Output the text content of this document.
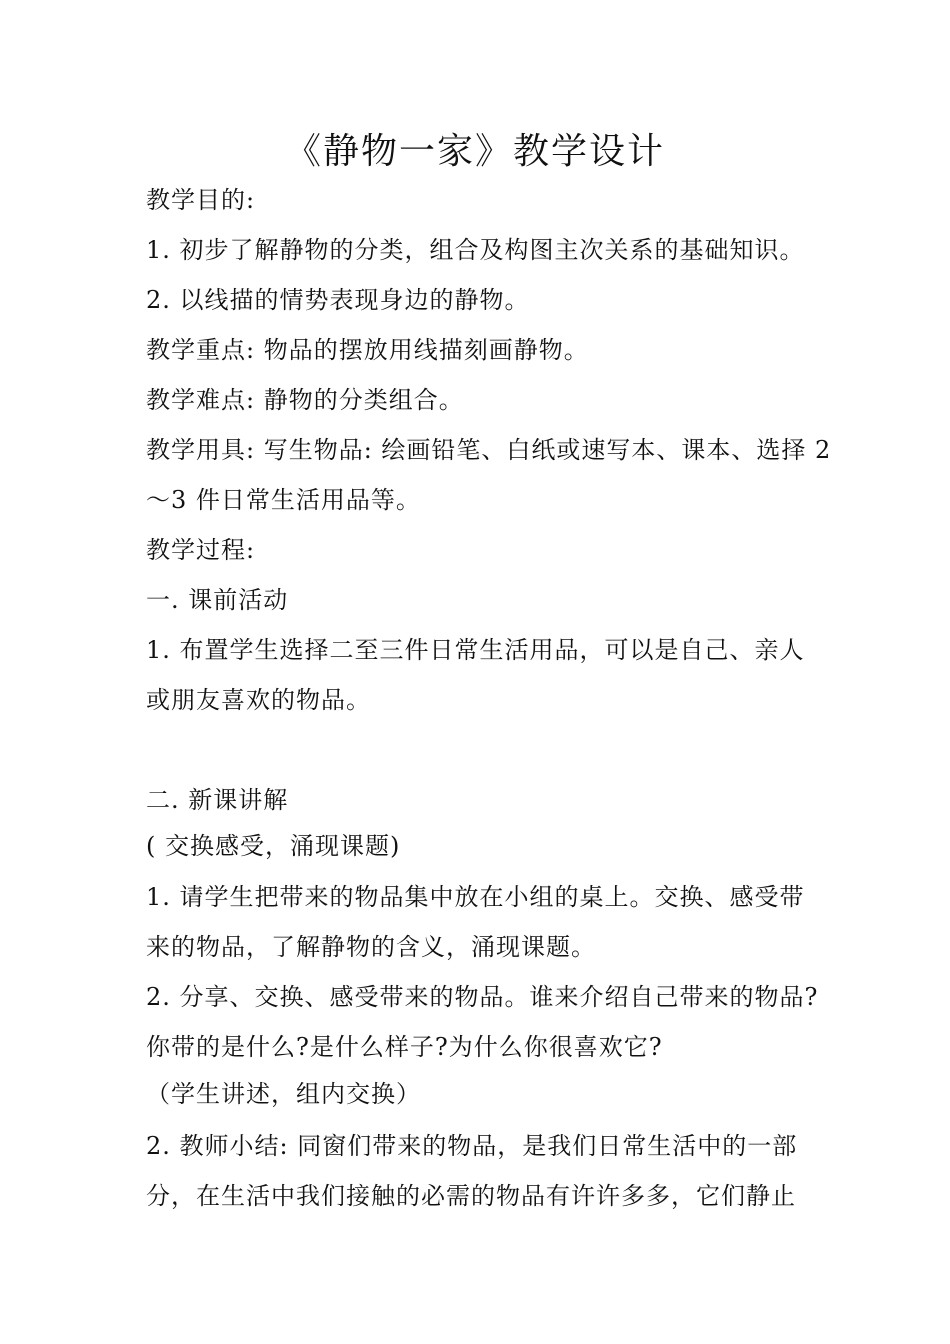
《静物一家》教学设计
教学目的:
1. 初步了解静物的分类，组合及构图主次关系的基础知识。
2. 以线描的情势表现身边的静物。
教学重点: 物品的摆放用线描刻画静物。
教学难点: 静物的分类组合。
教学用具: 写生物品: 绘画铅笔、白纸或速写本、课本、选择 2
～3 件日常生活用品等。
教学过程:
一. 课前活动
1. 布置学生选择二至三件日常生活用品，可以是自己、亲人
或朋友喜欢的物品。
二. 新课讲解
( 交换感受，涌现课题)
1. 请学生把带来的物品集中放在小组的桌上。交换、感受带
来的物品，了解静物的含义，涌现课题。
2. 分享、交换、感受带来的物品。谁来介绍自己带来的物品?
你带的是什么?是什么样子?为什么你很喜欢它?
（学生讲述，组内交换）
2. 教师小结: 同窗们带来的物品，是我们日常生活中的一部
分，在生活中我们接触的必需的物品有许许多多，它们静止
